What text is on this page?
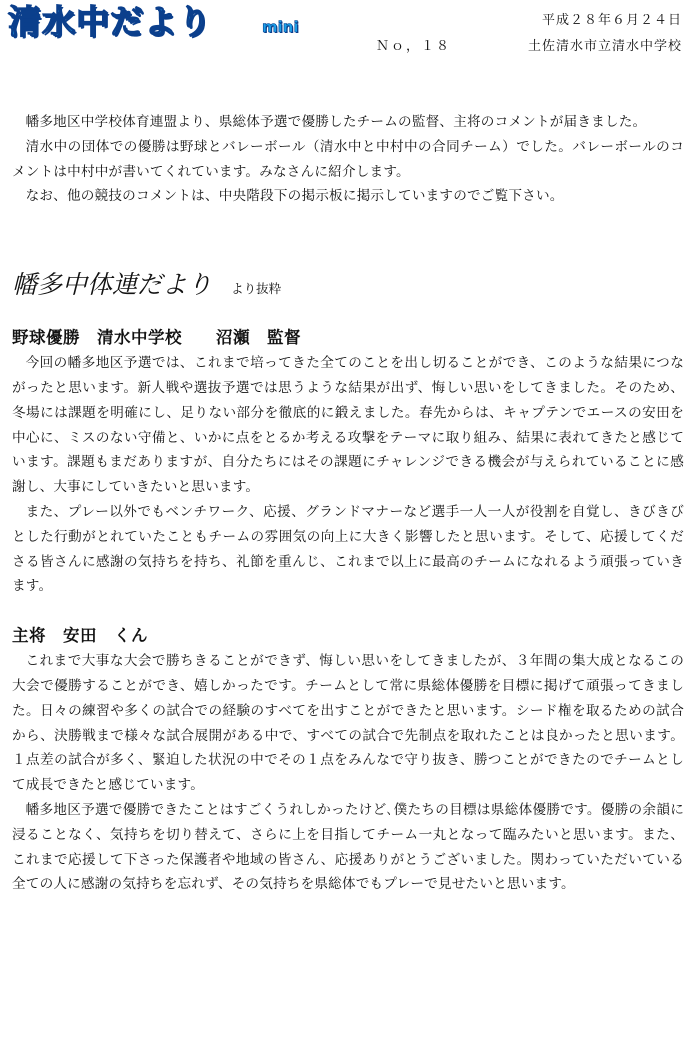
清水中だより	mini	平成２８年６月２４日
Ｎｏ，１８	土佐清水市立清水中学校

幡多地区中学校体育連盟より、県総体予選で優勝したチームの監督、主将のコメントが届きました。

清水中の団体での優勝は野球とバレーボール（清水中と中村中の合同チーム）でした。バレーボールのコメントは中村中が書いてくれています。みなさんに紹介します。

なお、他の競技のコメントは、中央階段下の掲示板に掲示していますのでご覧下さい。

幡多中体連だより より抜粋
野球優勝　清水中学校　　沼瀬　監督

今回の幡多地区予選では、これまで培ってきた全てのことを出し切ることができ、このような結果につながったと思います。新人戦や選抜予選では思うような結果が出ず、悔しい思いをしてきました。そのため、冬場には課題を明確にし、足りない部分を徹底的に鍛えました。春先からは、キャプテンでエースの安田を中心に、ミスのない守備と、いかに点をとるか考える攻撃をテーマに取り組み、結果に表れてきたと感じています。課題もまだありますが、自分たちにはその課題にチャレンジできる機会が与えられていることに感謝し、大事にしていきたいと思います。

また、プレー以外でもベンチワーク、応援、グランドマナーなど選手一人一人が役割を自覚し、きびきびとした行動がとれていたこともチームの雰囲気の向上に大きく影響したと思います。そして、応援してくださる皆さんに感謝の気持ちを持ち、礼節を重んじ、これまで以上に最高のチームになれるよう頑張っていきます。

主将　安田　くん

これまで大事な大会で勝ちきることができず、悔しい思いをしてきましたが、３年間の集大成となるこの大会で優勝することができ、嬉しかったです。チームとして常に県総体優勝を目標に掲げて頑張ってきました。日々の練習や多くの試合での経験のすべてを出すことができたと思います。シード権を取るための試合から、決勝戦まで様々な試合展開がある中で、すべての試合で先制点を取れたことは良かったと思います。１点差の試合が多く、緊迫した状況の中でその１点をみんなで守り抜き、勝つことができたのでチームとして成長できたと感じています。

幡多地区予選で優勝できたことはすごくうれしかったけど､僕たちの目標は県総体優勝です。優勝の余韻に浸ることなく、気持ちを切り替えて、さらに上を目指してチーム一丸となって臨みたいと思います。また、これまで応援して下さった保護者や地域の皆さん、応援ありがとうございました。関わっていただいている全ての人に感謝の気持ちを忘れず、その気持ちを県総体でもプレーで見せたいと思います。
